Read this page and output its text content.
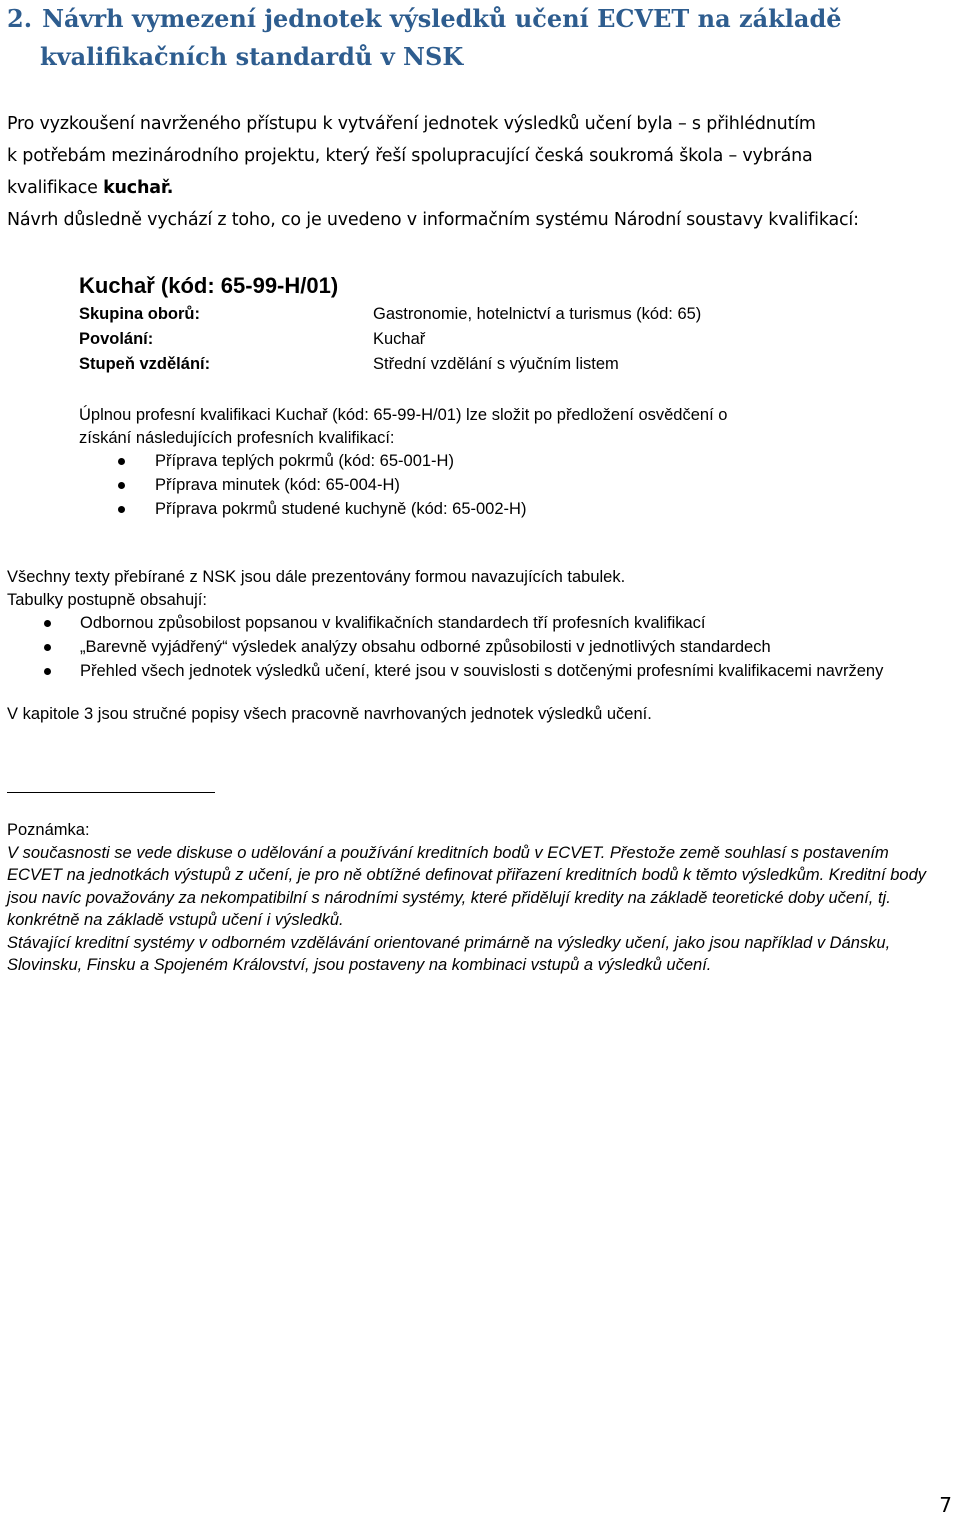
2. Návrh vymezení jednotek výsledků učení ECVET na základě
kvalifikačních standardů v NSK
Pro vyzkoušení navrženého přístupu k vytváření jednotek výsledků učení byla – s přihlédnutím
k potřebám mezinárodního projektu, který řeší spolupracující česká soukromá škola – vybrána
kvalifikace kuchař.
Návrh důsledně vychází z toho, co je uvedeno v informačním systému Národní soustavy kvalifikací:
Kuchař (kód: 65-99-H/01)
Skupina oborů:	Gastronomie, hotelnictví a turismus (kód: 65)
Povolání:	Kuchař
Stupeň vzdělání:	Střední vzdělání s výučním listem
Úplnou profesní kvalifikaci Kuchař (kód: 65-99-H/01) lze složit po předložení osvědčení o
získání následujících profesních kvalifikací:
Příprava teplých pokrmů (kód: 65-001-H)
Příprava minutek (kód: 65-004-H)
Příprava pokrmů studené kuchyně (kód: 65-002-H)
Všechny texty přebírané z NSK jsou dále prezentovány formou navazujících tabulek.
Tabulky postupně obsahují:
Odbornou způsobilost popsanou v kvalifikačních standardech tří profesních kvalifikací
„Barevně vyjádřený“ výsledek analýzy obsahu odborné způsobilosti v jednotlivých standardech
Přehled všech jednotek výsledků učení, které jsou v souvislosti s dotčenými profesními kvalifikacemi navrženy
V kapitole 3 jsou stručné popisy všech pracovně navrhovaných jednotek výsledků učení.
Poznámka:
V současnosti se vede diskuse o udělování a používání kreditních bodů v ECVET. Přestože země souhlasí s postavením ECVET na jednotkách výstupů z učení, je pro ně obtížné definovat přiřazení kreditních bodů k těmto výsledkům. Kreditní body jsou navíc považovány za nekompatibilní s národními systémy, které přidělují kredity na základě teoretické doby učení, tj. konkrétně na základě vstupů učení i výsledků.
Stávající kreditní systémy v odborném vzdělávání orientované primárně na výsledky učení, jako jsou například v Dánsku, Slovinsku, Finsku a Spojeném Království, jsou postaveny na kombinaci vstupů a výsledků učení.
7
